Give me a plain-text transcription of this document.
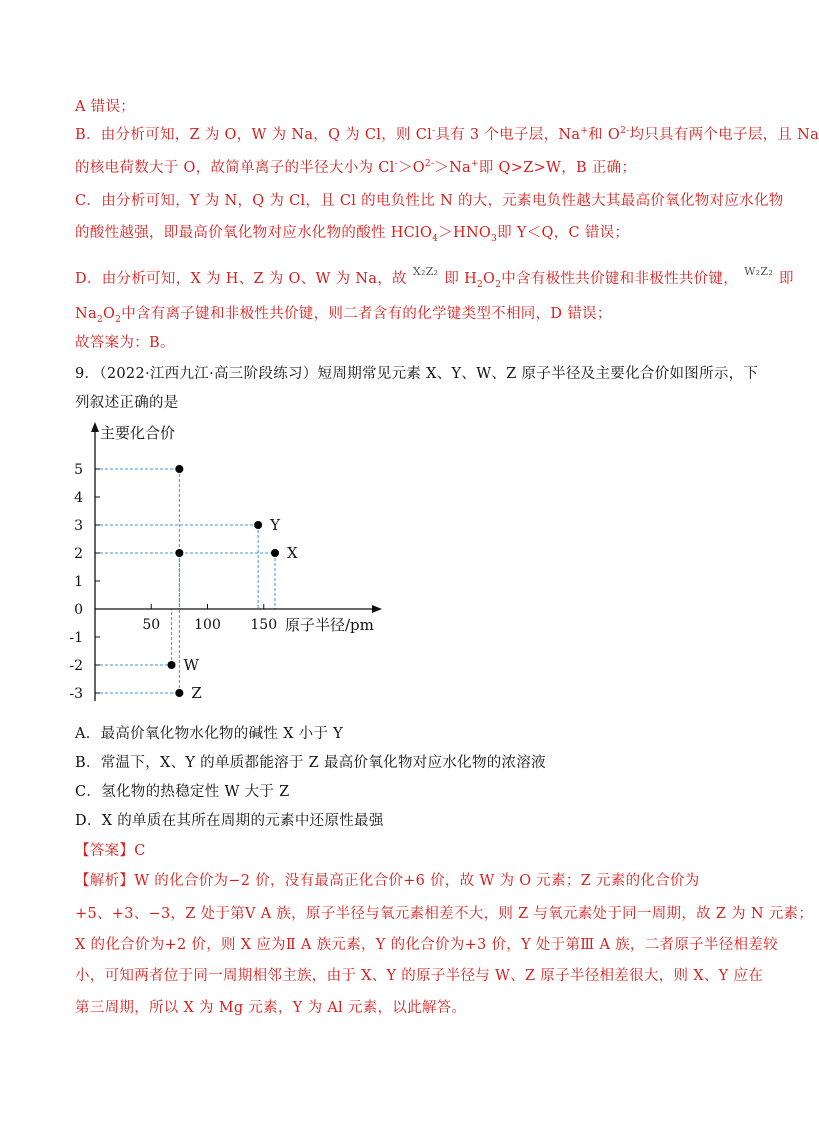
A 错误；
B．由分析可知，Z 为 O，W 为 Na，Q 为 Cl，则 Cl-具有 3 个电子层，Na+和 $O^{2-}$均只具有两个电子层，且 Na
的核电荷数大于 O，故简单离子的半径大小为 $Cl^->O^{2-}>Na^+$即 Q>Z>W，B 正确；
C．由分析可知，Y 为 N，Q 为 Cl，且 Cl 的电负性比 N 的大，元素电负性越大其最高价氧化物对应水化物
的酸性越强，即最高价氧化物对应水化物的酸性 $HClO_4>HNO_3$即 Y＜Q，C 错误；
D．由分析可知，X 为 H、Z 为 O、W 为 Na，故 $^{X_2Z_2}$ 即 $H_2O_2$中含有极性共价键和非极性共价键， $^{W_2Z_2}$ 即
$Na_2O_2$中含有离子键和非极性共价键，则二者含有的化学键类型不相同，D 错误；
故答案为：B。
9．（2022·江西九江·高三阶段练习）短周期常见元素 X、Y、W、Z 原子半径及主要化合价如图所示，下
列叙述正确的是
5
4
3
2
1
0
-1
-2
-3
50 100 150
Z
W
Y
X
主要化合价
原子半径/pm
A．最高价氧化物水化物的碱性 X 小于 Y
B．常温下，X、Y 的单质都能溶于 Z 最高价氧化物对应水化物的浓溶液
C．氢化物的热稳定性 W 大于 Z
D．X 的单质在其所在周期的元素中还原性最强
【答案】C
【解析】W 的化合价为−2 价，没有最高正化合价+6 价，故 W 为 O 元素；Z 元素的化合价为
+5、+3、−3，Z 处于第Ⅴ A 族，原子半径与氧元素相差不大，则 Z 与氧元素处于同一周期，故 Z 为 N 元素；
X 的化合价为+2 价，则 X 应为Ⅱ A 族元素，Y 的化合价为+3 价，Y 处于第Ⅲ A 族，二者原子半径相差较
小，可知两者位于同一周期相邻主族，由于 X、Y 的原子半径与 W、Z 原子半径相差很大，则 X、Y 应在
第三周期，所以 X 为 Mg 元素，Y 为 Al 元素，以此解答。
